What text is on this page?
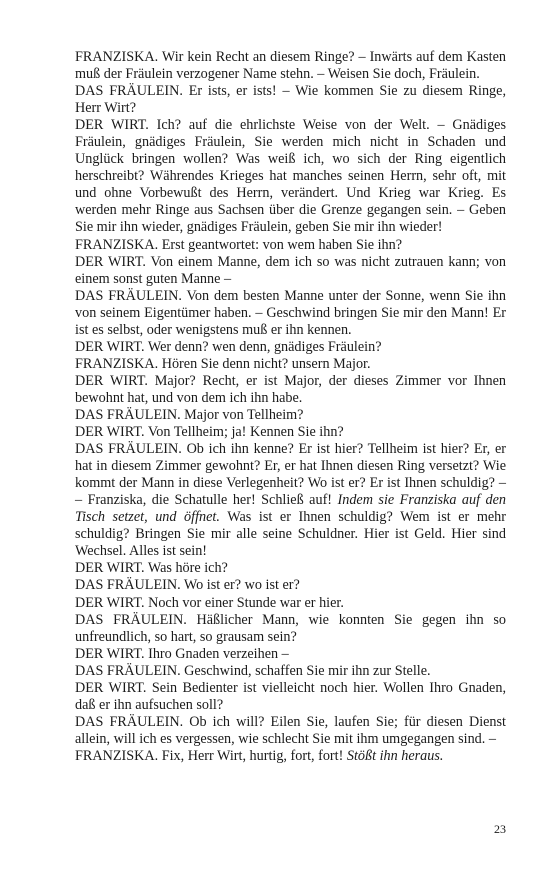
FRANZISKA. Wir kein Recht an diesem Ringe? – Inwärts auf dem Kasten muß der Fräulein verzogener Name stehn. – Weisen Sie doch, Fräulein.

DAS FRÄULEIN. Er ists, er ists! – Wie kommen Sie zu diesem Ringe, Herr Wirt?

DER WIRT. Ich? auf die ehrlichste Weise von der Welt. – Gnädiges Fräulein, gnädiges Fräulein, Sie werden mich nicht in Schaden und Unglück bringen wollen? Was weiß ich, wo sich der Ring eigentlich herschreibt? Währendes Krieges hat manches seinen Herrn, sehr oft, mit und ohne Vorbewußt des Herrn, verändert. Und Krieg war Krieg. Es werden mehr Ringe aus Sachsen über die Grenze gegangen sein. – Geben Sie mir ihn wieder, gnädiges Fräulein, geben Sie mir ihn wieder!

FRANZISKA. Erst geantwortet: von wem haben Sie ihn?

DER WIRT. Von einem Manne, dem ich so was nicht zutrauen kann; von einem sonst guten Manne –

DAS FRÄULEIN. Von dem besten Manne unter der Sonne, wenn Sie ihn von seinem Eigentümer haben. – Geschwind bringen Sie mir den Mann! Er ist es selbst, oder wenigstens muß er ihn kennen.

DER WIRT. Wer denn? wen denn, gnädiges Fräulein?

FRANZISKA. Hören Sie denn nicht? unsern Major.

DER WIRT. Major? Recht, er ist Major, der dieses Zimmer vor Ihnen bewohnt hat, und von dem ich ihn habe.

DAS FRÄULEIN. Major von Tellheim?

DER WIRT. Von Tellheim; ja! Kennen Sie ihn?

DAS FRÄULEIN. Ob ich ihn kenne? Er ist hier? Tellheim ist hier? Er, er hat in diesem Zimmer gewohnt? Er, er hat Ihnen diesen Ring versetzt? Wie kommt der Mann in diese Verlegenheit? Wo ist er? Er ist Ihnen schuldig? – – Franziska, die Schatulle her! Schließ auf! Indem sie Franziska auf den Tisch setzet, und öffnet. Was ist er Ihnen schuldig? Wem ist er mehr schuldig? Bringen Sie mir alle seine Schuldner. Hier ist Geld. Hier sind Wechsel. Alles ist sein!

DER WIRT. Was höre ich?

DAS FRÄULEIN. Wo ist er? wo ist er?

DER WIRT. Noch vor einer Stunde war er hier.

DAS FRÄULEIN. Häßlicher Mann, wie konnten Sie gegen ihn so unfreundlich, so hart, so grausam sein?

DER WIRT. Ihro Gnaden verzeihen –

DAS FRÄULEIN. Geschwind, schaffen Sie mir ihn zur Stelle.

DER WIRT. Sein Bedienter ist vielleicht noch hier. Wollen Ihro Gnaden, daß er ihn aufsuchen soll?

DAS FRÄULEIN. Ob ich will? Eilen Sie, laufen Sie; für diesen Dienst allein, will ich es vergessen, wie schlecht Sie mit ihm umgegangen sind. –

FRANZISKA. Fix, Herr Wirt, hurtig, fort, fort! Stößt ihn heraus.

23
